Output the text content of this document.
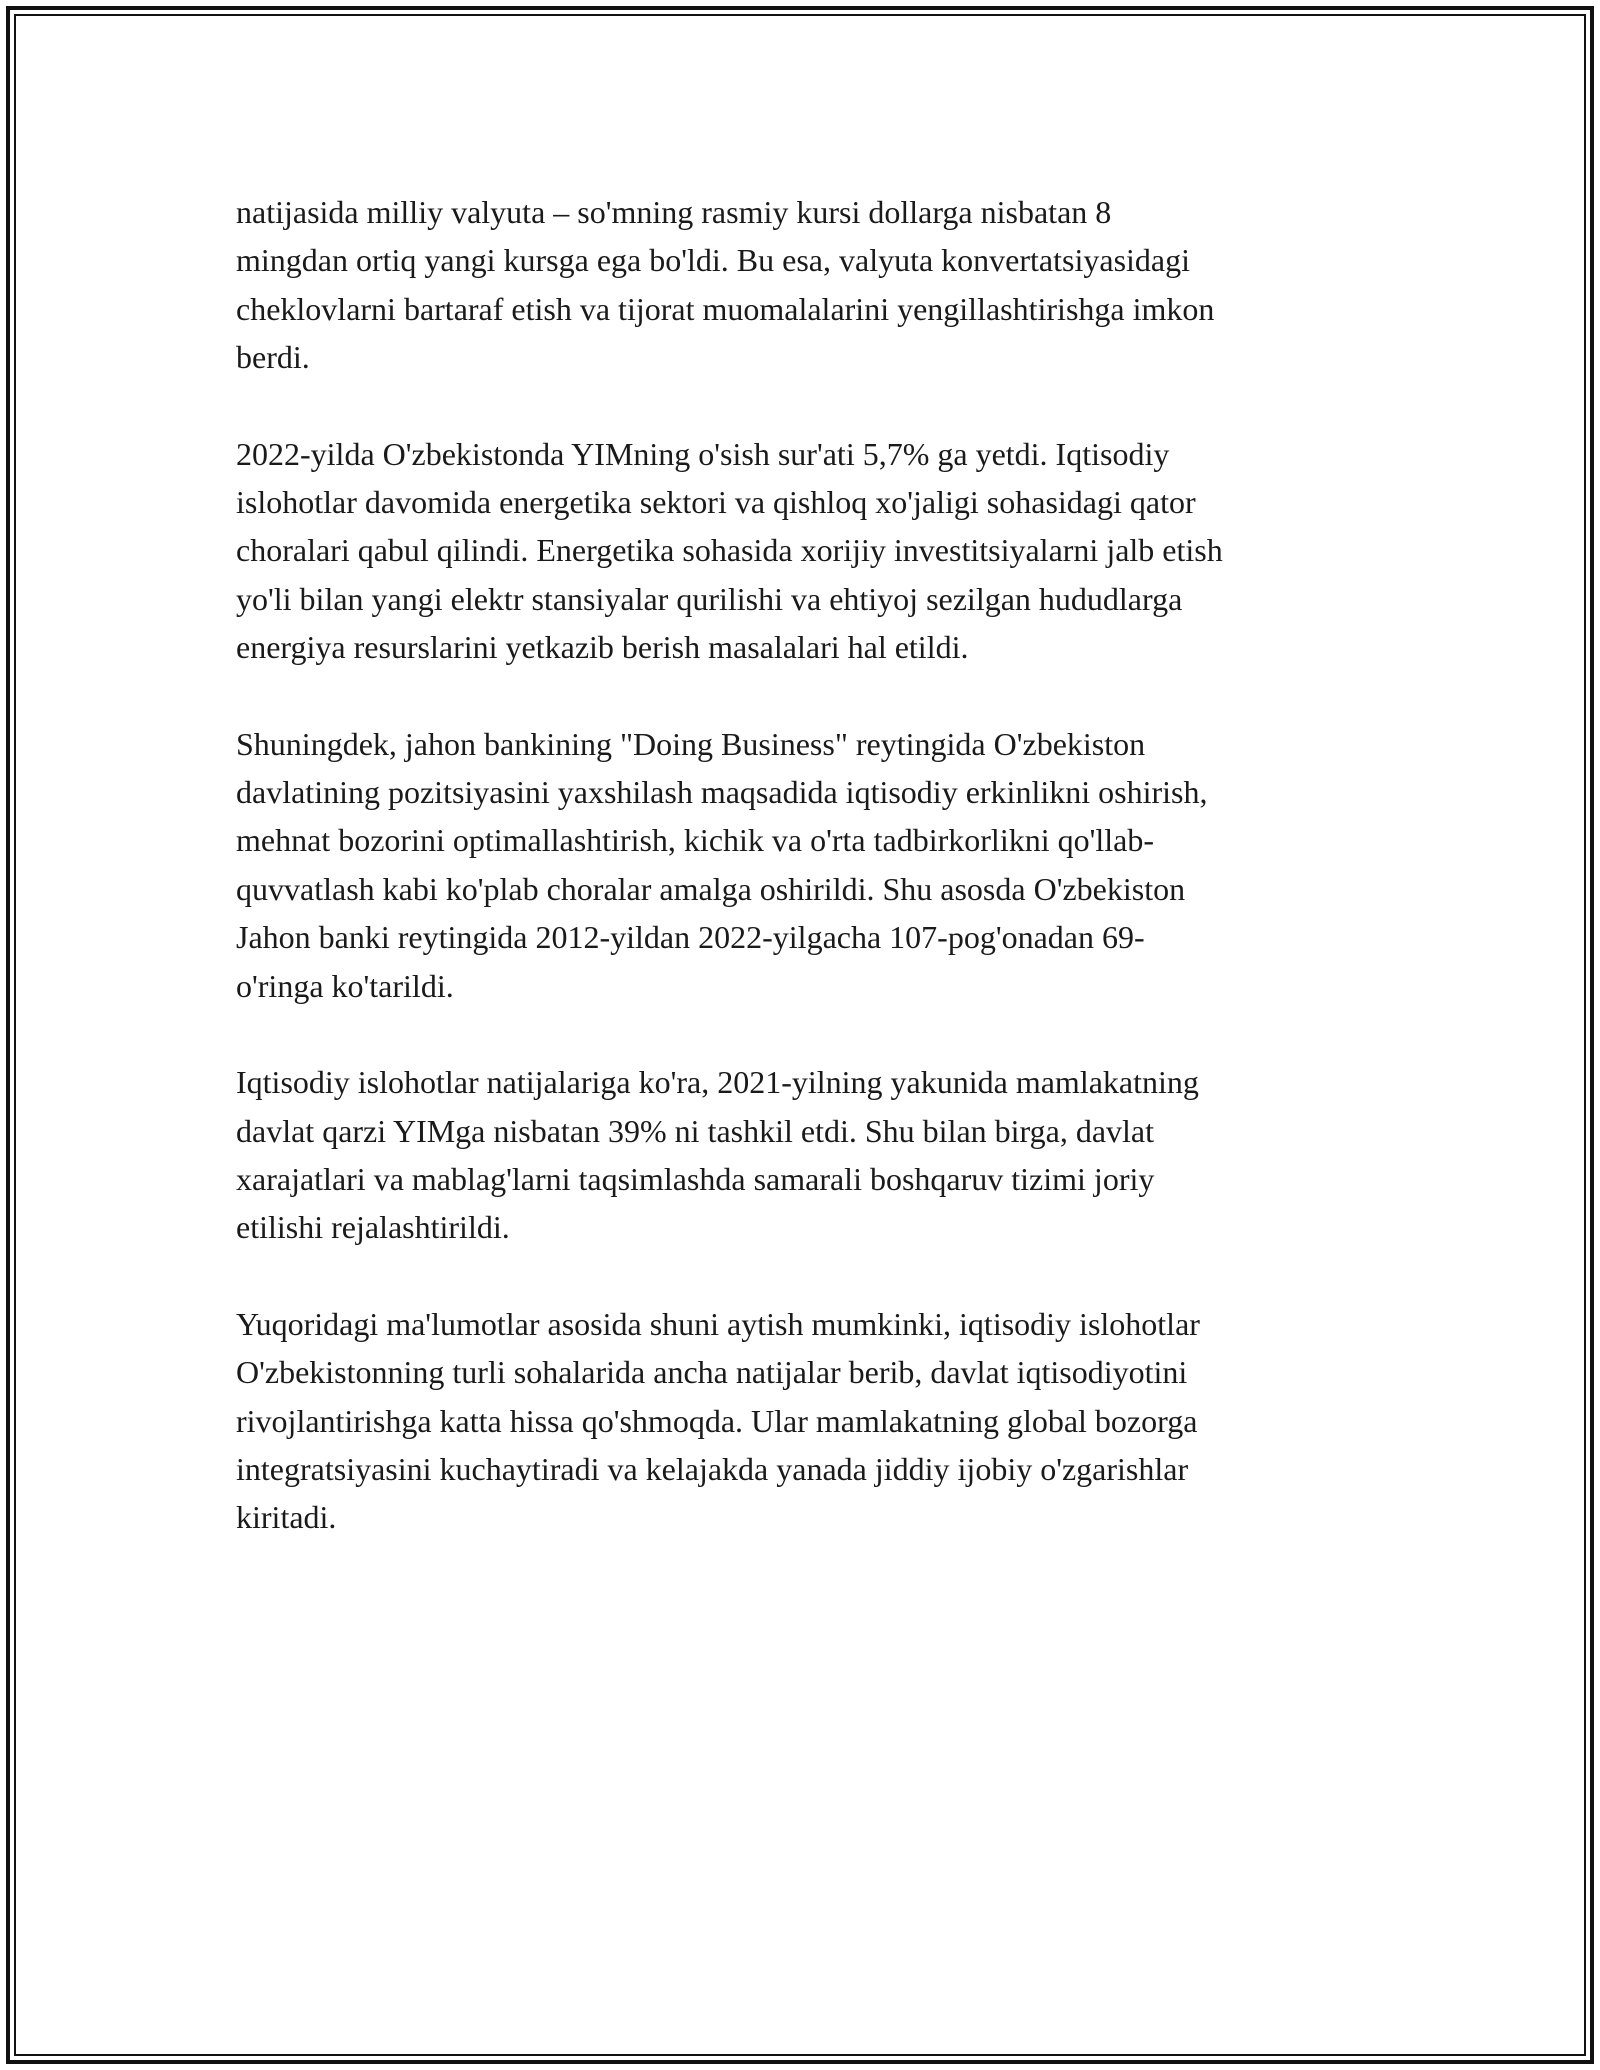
natijasida milliy valyuta – so'mning rasmiy kursi dollarga nisbatan 8
mingdan ortiq yangi kursga ega bo'ldi. Bu esa, valyuta konvertatsiyasidagi
cheklovlarni bartaraf etish va tijorat muomalalarini yengillashtirishga imkon
berdi.

2022-yilda O'zbekistonda YIMning o'sish sur'ati 5,7% ga yetdi. Iqtisodiy
islohotlar davomida energetika sektori va qishloq xo'jaligi sohasidagi qator
choralari qabul qilindi. Energetika sohasida xorijiy investitsiyalarni jalb etish
yo'li bilan yangi elektr stansiyalar qurilishi va ehtiyoj sezilgan hududlarga
energiya resurslarini yetkazib berish masalalari hal etildi.

Shuningdek, jahon bankining "Doing Business" reytingida O'zbekiston
davlatining pozitsiyasini yaxshilash maqsadida iqtisodiy erkinlikni oshirish,
mehnat bozorini optimallashtirish, kichik va o'rta tadbirkorlikni qo'llab-
quvvatlash kabi ko'plab choralar amalga oshirildi. Shu asosda O'zbekiston
Jahon banki reytingida 2012-yildan 2022-yilgacha 107-pog'onadan 69-
o'ringa ko'tarildi.

Iqtisodiy islohotlar natijalariga ko'ra, 2021-yilning yakunida mamlakatning
davlat qarzi YIMga nisbatan 39% ni tashkil etdi. Shu bilan birga, davlat
xarajatlari va mablag'larni taqsimlashda samarali boshqaruv tizimi joriy
etilishi rejalashtirildi.

Yuqoridagi ma'lumotlar asosida shuni aytish mumkinki, iqtisodiy islohotlar
O'zbekistonning turli sohalarida ancha natijalar berib, davlat iqtisodiyotini
rivojlantirishga katta hissa qo'shmoqda. Ular mamlakatning global bozorga
integratsiyasini kuchaytiradi va kelajakda yanada jiddiy ijobiy o'zgarishlar
kiritadi.
